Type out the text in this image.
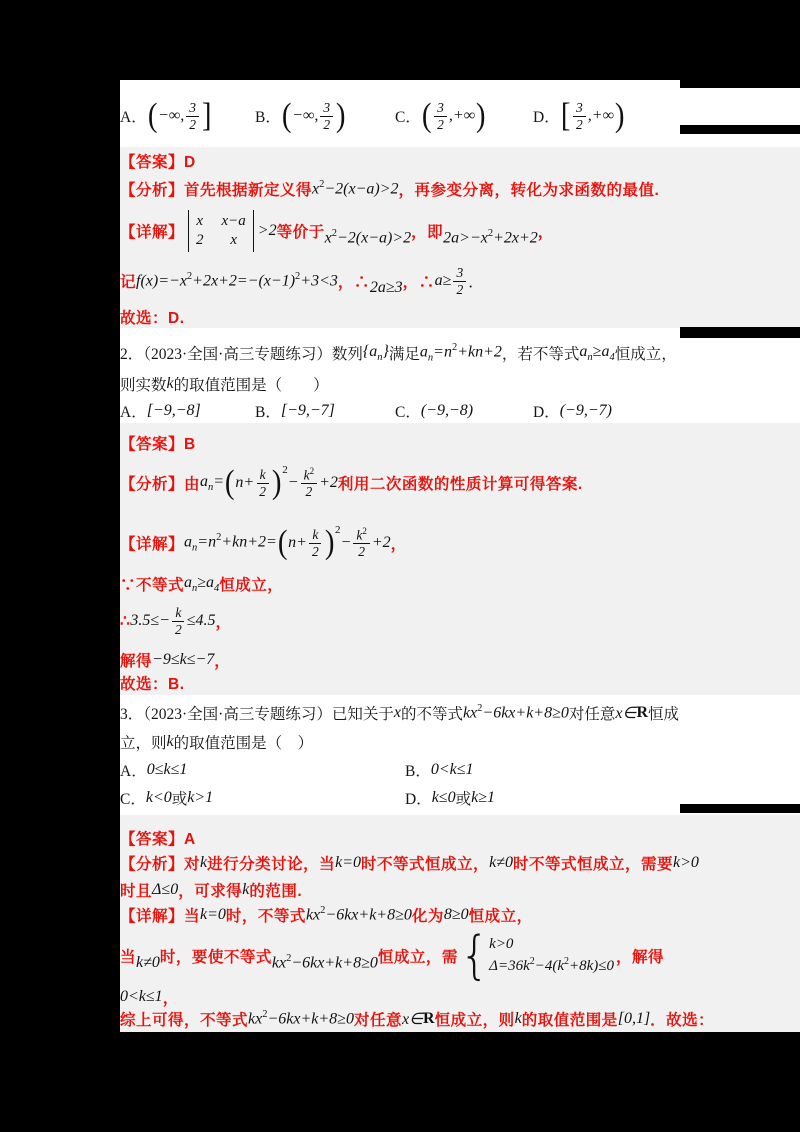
A． ( −∞, 3
2 ]	B． ( −∞, 3
2 )	C． ( 3
2 ,+∞ )	D． [ 3
2 ,+∞ )
【答案】D
【分析】首先根据新定义得 $x^2-2(x-a)>2$ ，再参变分离，转化为求函数的最值.
【详解】
x x−a
2 x
>2 等价于 $x^2-2(x-a)>2$ ，即 $2a>-x^2+2x+2$ ，
记 $f(x)=-x^2+2x+2=-(x-1)^2+3<3$ ，∴ 2a≥3 ，∴ $a\ge \frac{3}{2}$ ．
故选：D.
2．（2023·全国·高三专题练习）数列 $\{a_n\}$ 满足 $a_n=n^2+kn+2$ ，若不等式 $a_n\ge a_4$ 恒成立，
则实数 k 的取值范围是（　　）
A． [−9,−8]	B． [−9,−7]	C． (−9,−8)	D． (−9,−7)
【答案】B
【分析】由 $a_n=$ ( $n+ \frac{k}{2}$ ) 2
− $\frac{k^2}{2} +2$ 利用二次函数的性质计算可得答案.
【详解】 $a_n=n^2+kn+2=$ ( $n+ \frac{k}{2}$ ) 2
− $\frac{k^2}{2} +2$ ，
∵不等式 $a_n\ge a_4$ 恒成立，
∴ $3.5\le- \frac{k}{2} \le 4.5$ ，
解得 −9≤k≤−7 ，
故选：B.
3．（2023·全国·高三专题练习）已知关于 x 的不等式 $kx^2-6kx+k+8\ge 0$ 对任意 x∈ R 恒成
立，则 k 的取值范围是（　）
A． 0≤k≤1	B． 0<k≤1
C． k<0 或 k>1	D． k≤0 或 k≥1
【答案】A
【分析】对 k 进行分类讨论，当 k=0 时不等式恒成立， k≠0 时不等式恒成立，需要 k>0
时且 Δ≤0 ，可求得 k 的范围.
【详解】当 k=0 时，不等式 $kx^2-6kx+k+8\ge 0$ 化为 8≥0 恒成立，
当 k≠0 时，要使不等式 $kx^2-6kx+k+8\ge 0$ 恒成立，需 { k>0
$\Delta=36k^2-4(k^2+8k)\le 0$
，解得
0<k≤1 ，
综上可得，不等式 $kx^2-6kx+k+8\ge 0$ 对任意 x∈ R 恒成立，则 k 的取值范围是 [0,1] ．故选：
